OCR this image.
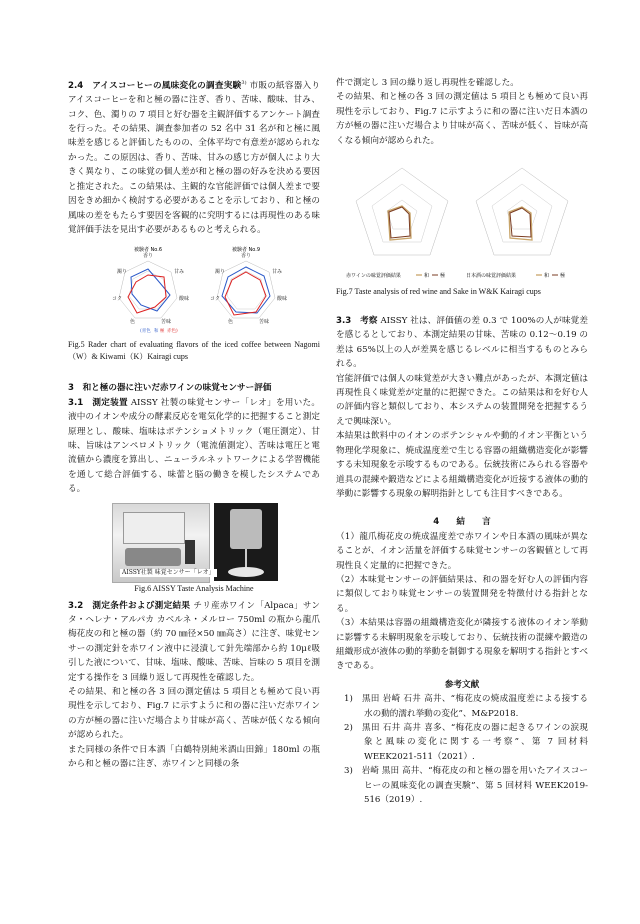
2.4　アイスコーヒーの風味変化の調査実験$^{3)}$ 市販の紙容器入りアイスコーヒーを和と極の器に注ぎ、香り、苦味、酸味、甘み、コク、色、濁りの 7 項目と好む器を主観評価するアンケート調査を行った。その結果、調査参加者の 52 名中 31 名が和と極に風味差を感じると評価したものの、全体平均で有意差が認められなかった。この原因は、香り、苦味、甘みの感じ方が個人により大きく異なり、この味覚の個人差が和と極の器の好みを決める要因と推定された。この結果は、主観的な官能評価では個人差まで要因をきめ細かく検討する必要があることを示しており、和と極の風味の差をもたらす要因を客観的に究明するには再現性のある味覚評価手法を見出す必要があるものと考えられる。

被験者 No.6	被験者 No.9
香り
甘み
酸味
苦味
色
コク
濁り
香り
甘み
酸味
苦味
色
コク
濁り
(青色 和 極 赤色)

Fig.5 Rader chart of evaluating flavors of the iced coffee between Nagomi（W）& Kiwami（K）Kairagi cups

3　和と極の器に注いだ赤ワインの味覚センサー評価

3.1　測定装置 AISSY 社製の味覚センサー「レオ」を用いた。液中のイオンや成分の酵素反応を電気化学的に把握すること測定原理とし、酸味、塩味はポテンショメトリック（電圧測定）、甘味、旨味はアンペロメトリック（電流値測定）、苦味は電圧と電流値から濃度を算出し、ニューラルネットワークによる学習機能を通して総合評価する、味蕾と脳の働きを模したシステムである。

AISSY社製 味覚センサー「レオ」

Fig.6 AISSY Taste Analysis Machine

3.2　測定条件および測定結果 チリ産赤ワイン「Alpaca」サンタ・ヘレナ・アルパカ カベルネ・メルロー 750ml の瓶から龍爪梅花皮の和と極の器（約 70 ㎜径×50 ㎜高さ）に注ぎ、味覚センサーの測定針を赤ワイン液中に浸漬して針先端部から約 10μℓ吸引した液について、甘味、塩味、酸味、苦味、旨味の 5 項目を測定する操作を 3 回繰り返して再現性を確認した。

その結果、和と極の各 3 回の測定値は 5 項目とも極めて良い再現性を示しており、Fig.7 に示すように和の器に注いだ赤ワインの方が極の器に注いだ場合より甘味が高く、苦味が低くなる傾向が認められた。

また同様の条件で日本酒「白鶴特別純米酒山田錦」180ml の瓶から和と極の器に注ぎ、赤ワインと同様の条

件で測定し 3 回の繰り返し再現性を確認した。

その結果、和と極の各 3 回の測定値は 5 項目とも極めて良い再現性を示しており、Fig.7 に示すように和の器に注いだ日本酒の方が極の器に注いだ場合より甘味が高く、苦味が低く、旨味が高くなる傾向が認められた。

赤ワインの味覚評価結果	和 極	日本酒の味覚評価結果	和 極

Fig.7 Taste analysis of red wine and Sake in W&K Kairagi cups

3.3　考察 AISSY 社は、評価値の差 0.3 で 100%の人が味覚差を感じるとしており、本測定結果の甘味、苦味の 0.12～0.19 の差は 65%以上の人が差異を感じるレベルに相当するものとみられる。

官能評価では個人の味覚差が大きい難点があったが、本測定値は再現性良く味覚差が定量的に把握できた。この結果は和を好む人の評価内容と類似しており、本システムの装置開発を把握するうえで興味深い。

本結果は飲料中のイオンのポテンシャルや動的イオン平衡という物理化学現象に、焼成温度差で生じる容器の組織構造変化が影響する未知現象を示唆するものである。伝統技術にみられる容器や道具の混練や鍛造などによる組織構造変化が近接する液体の動的挙動に影響する現象の解明指針としても注目すべきである。

4　　結　　言

（1）龍爪梅花皮の焼成温度差で赤ワインや日本酒の風味が異なることが、イオン活量を評価する味覚センサーの客観値として再現性良く定量的に把握できた。

（2）本味覚センサーの評価結果は、和の器を好む人の評価内容に類似しており味覚センサーの装置開発を特徴付ける指針となる。

（3）本結果は容器の組織構造変化が隣接する液体のイオン挙動に影響する未解明現象を示唆しており、伝統技術の混練や鍛造の組織形成が液体の動的挙動を制御する現象を解明する指針とすべきである。

参考文献

1)　黒田 岩崎 石井 高井、“梅花皮の焼成温度差による接する水の動的濡れ挙動の変化”、M&P2018.

2)　黒田 石井 高井 喜多、“梅花皮の器に起きるワインの涙現象と風味の変化に関する一考察”、第 7 回材料 WEEK2021-511（2021）.

3)　岩崎 黒田 高井、“梅花皮の和と極の器を用いたアイスコーヒーの風味変化の調査実験”、第 5 回材料 WEEK2019-516（2019）.
